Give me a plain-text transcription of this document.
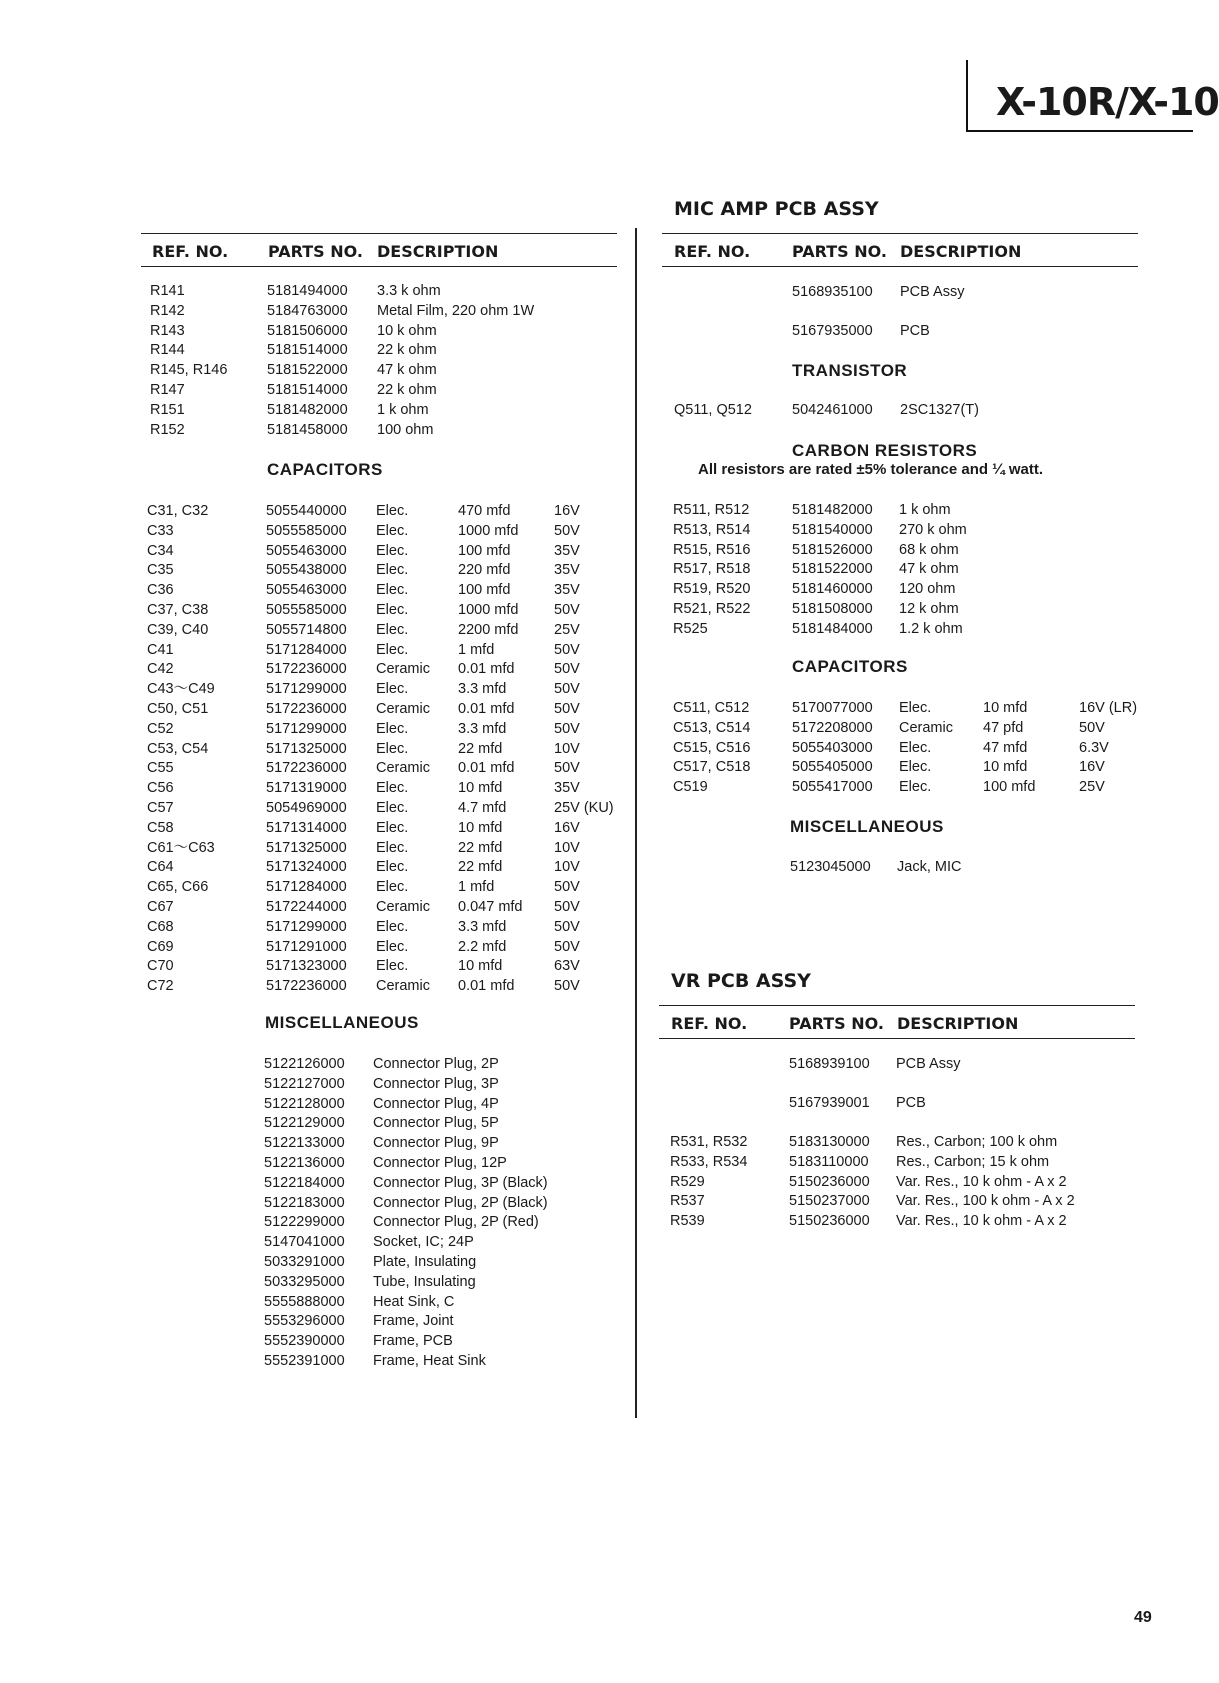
X-10R/X-10
REF. NO. PARTS NO. DESCRIPTION
R141	5181494000 3.3 k ohm
R142	5184763000 Metal Film, 220 ohm 1W
R143	5181506000 10 k ohm
R144	5181514000 22 k ohm
R145, R146	5181522000 47 k ohm
R147	5181514000 22 k ohm
R151	5181482000 1 k ohm
R152	5181458000 100 ohm
CAPACITORS
C31, C32	5055440000 Elec.	470 mfd	16V
C33	5055585000 Elec.	1000 mfd 50V
C34	5055463000 Elec.	100 mfd	35V
C35	5055438000 Elec.	220 mfd	35V
C36	5055463000 Elec.	100 mfd	35V
C37, C38	5055585000 Elec.	1000 mfd 50V
C39, C40	5055714800 Elec.	2200 mfd 25V
C41	5171284000 Elec.	1 mfd	50V
C42	5172236000 Ceramic 0.01 mfd	50V
C43～C49	5171299000 Elec.	3.3 mfd	50V
C50, C51	5172236000 Ceramic 0.01 mfd	50V
C52	5171299000 Elec.	3.3 mfd	50V
C53, C54	5171325000 Elec.	22 mfd	10V
C55	5172236000 Ceramic 0.01 mfd	50V
C56	5171319000 Elec.	10 mfd	35V
C57	5054969000 Elec.	4.7 mfd	25V (KU)
C58	5171314000 Elec.	10 mfd	16V
C61～C63	5171325000 Elec.	22 mfd	10V
C64	5171324000 Elec.	22 mfd	10V
C65, C66	5171284000 Elec.	1 mfd	50V
C67	5172244000 Ceramic 0.047 mfd 50V
C68	5171299000 Elec.	3.3 mfd	50V
C69	5171291000 Elec.	2.2 mfd	50V
C70	5171323000 Elec.	10 mfd	63V
C72	5172236000 Ceramic 0.01 mfd	50V
MISCELLANEOUS
5122126000 Connector Plug, 2P
5122127000 Connector Plug, 3P
5122128000 Connector Plug, 4P
5122129000 Connector Plug, 5P
5122133000 Connector Plug, 9P
5122136000 Connector Plug, 12P
5122184000 Connector Plug, 3P (Black)
5122183000 Connector Plug, 2P (Black)
5122299000 Connector Plug, 2P (Red)
5147041000 Socket, IC; 24P
5033291000 Plate, Insulating
5033295000 Tube, Insulating
5555888000 Heat Sink, C
5553296000 Frame, Joint
5552390000 Frame, PCB
5552391000 Frame, Heat Sink
MIC AMP PCB ASSY
REF. NO.	PARTS NO. DESCRIPTION
5168935100 PCB Assy
5167935000 PCB
TRANSISTOR
Q511, Q512	5042461000 2SC1327(T)
CARBON RESISTORS
All resistors are rated ±5% tolerance and ¼ watt.
R511, R512	5181482000 1 k ohm
R513, R514	5181540000 270 k ohm
R515, R516	5181526000 68 k ohm
R517, R518	5181522000 47 k ohm
R519, R520	5181460000 120 ohm
R521, R522	5181508000 12 k ohm
R525	5181484000 1.2 k ohm
CAPACITORS
C511, C512	5170077000 Elec.	10 mfd	16V (LR)
C513, C514	5172208000 Ceramic 47 pfd	50V
C515, C516	5055403000 Elec.	47 mfd	6.3V
C517, C518	5055405000 Elec.	10 mfd	16V
C519	5055417000 Elec.	100 mfd	25V
MISCELLANEOUS
5123045000 Jack, MIC
VR PCB ASSY
REF. NO.	PARTS NO. DESCRIPTION
5168939100 PCB Assy
5167939001 PCB
R531, R532	5183130000 Res., Carbon; 100 k ohm
R533, R534	5183110000 Res., Carbon; 15 k ohm
R529	5150236000 Var. Res., 10 k ohm - A x 2
R537	5150237000 Var. Res., 100 k ohm - A x 2
R539	5150236000 Var. Res., 10 k ohm - A x 2
49
